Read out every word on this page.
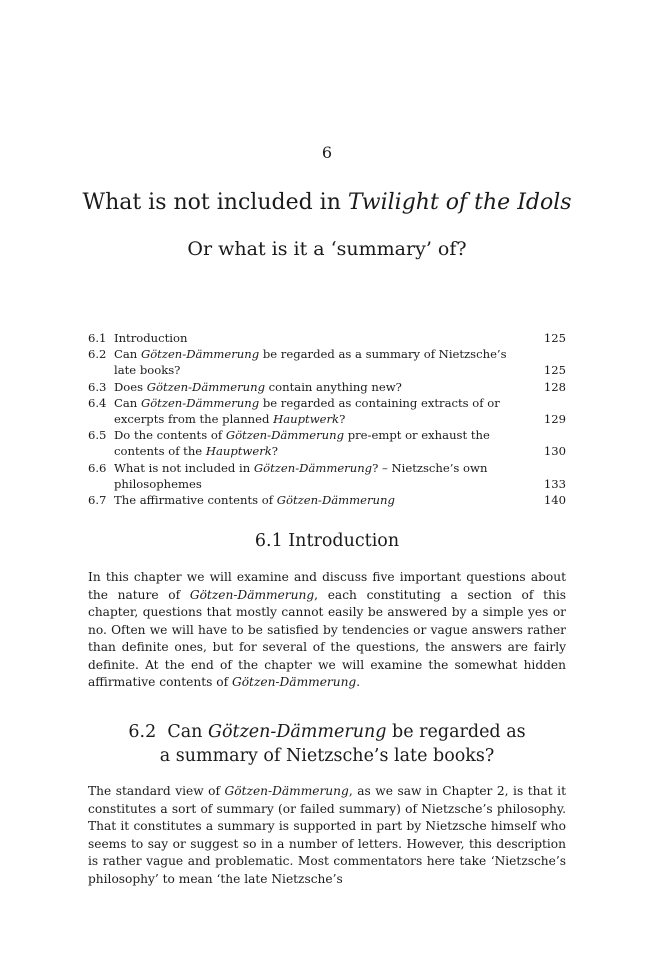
6
What is not included in Twilight of the Idols
Or what is it a ‘summary’ of?
6.1 Introduction	125
6.2 Can Götzen-Dämmerung be regarded as a summary of Nietzsche’s late books?	125
6.3 Does Götzen-Dämmerung contain anything new?	128
6.4 Can Götzen-Dämmerung be regarded as containing extracts of or excerpts from the planned Hauptwerk?	129
6.5 Do the contents of Götzen-Dämmerung pre-empt or exhaust the contents of the Hauptwerk?	130
6.6 What is not included in Götzen-Dämmerung? – Nietzsche’s own philosophemes	133
6.7 The affirmative contents of Götzen-Dämmerung	140
6.1 Introduction

In this chapter we will examine and discuss five important questions about the nature of Götzen-Dämmerung, each constituting a section of this chapter, questions that mostly cannot easily be answered by a simple yes or no. Often we will have to be satisfied by tendencies or vague answers rather than definite ones, but for several of the questions, the answers are fairly definite. At the end of the chapter we will examine the somewhat hidden affirmative contents of Götzen-Dämmerung.

6.2 Can Götzen-Dämmerung be regarded as
a summary of Nietzsche’s late books?

The standard view of Götzen-Dämmerung, as we saw in Chapter 2, is that it constitutes a sort of summary (or failed summary) of Nietzsche’s philosophy. That it constitutes a summary is supported in part by Nietzsche himself who seems to say or suggest so in a number of letters. However, this description is rather vague and problematic. Most commentators here take ‘Nietzsche’s philosophy’ to mean ‘the late Nietzsche’s
